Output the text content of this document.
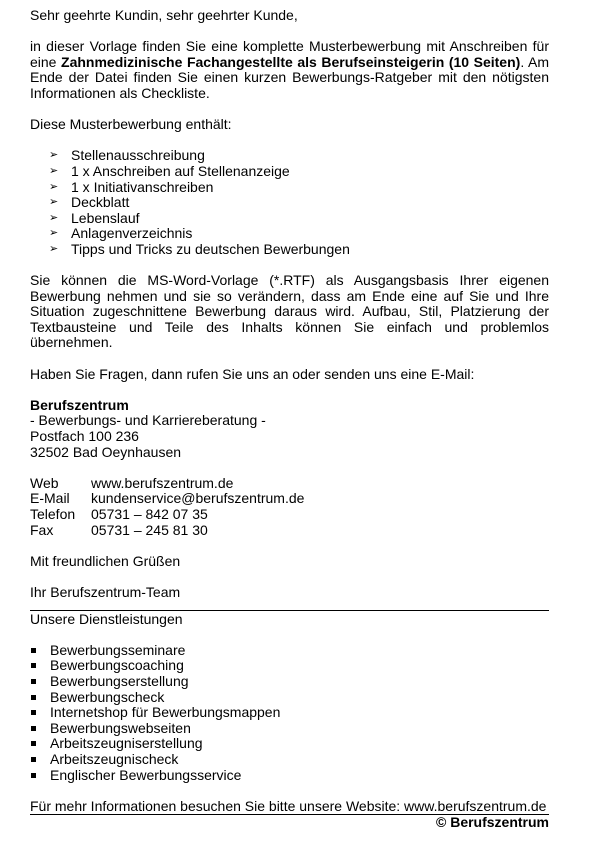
Sehr geehrte Kundin, sehr geehrter Kunde,

in dieser Vorlage finden Sie eine komplette Musterbewerbung mit Anschreiben für eine Zahnmedizinische Fachangestellte als Berufseinsteigerin (10 Seiten). Am Ende der Datei finden Sie einen kurzen Bewerbungs-Ratgeber mit den nötigsten Informationen als Checkliste.

Diese Musterbewerbung enthält:

➢ Stellenausschreibung
➢ 1 x Anschreiben auf Stellenanzeige
➢ 1 x Initiativanschreiben
➢ Deckblatt
➢ Lebenslauf
➢ Anlagenverzeichnis
➢ Tipps und Tricks zu deutschen Bewerbungen

Sie können die MS-Word-Vorlage (*.RTF) als Ausgangsbasis Ihrer eigenen Bewerbung nehmen und sie so verändern, dass am Ende eine auf Sie und Ihre Situation zugeschnittene Bewerbung daraus wird. Aufbau, Stil, Platzierung der Textbausteine und Teile des Inhalts können Sie einfach und problemlos übernehmen.

Haben Sie Fragen, dann rufen Sie uns an oder senden uns eine E-Mail:

Berufszentrum

- Bewerbungs- und Karriereberatung -

Postfach 100 236

32502 Bad Oeynhausen

Web	www.berufszentrum.de
E-Mail	kundenservice@berufszentrum.de
Telefon	05731 – 842 07 35
Fax	05731 – 245 81 30

Mit freundlichen Grüßen

Ihr Berufszentrum-Team

Unsere Dienstleistungen

Bewerbungsseminare
Bewerbungscoaching
Bewerbungserstellung
Bewerbungscheck
Internetshop für Bewerbungsmappen
Bewerbungswebseiten
Arbeitszeugniserstellung
Arbeitszeugnischeck
Englischer Bewerbungsservice

Für mehr Informationen besuchen Sie bitte unsere Website: www.berufszentrum.de

© Berufszentrum
